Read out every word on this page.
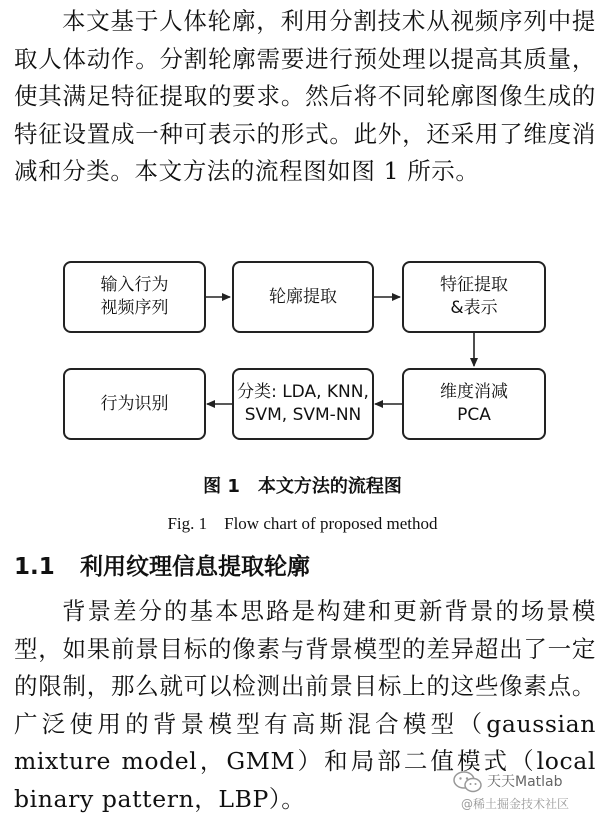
本文基于人体轮廓，利用分割技术从视频序列中提取人体动作。分割轮廓需要进行预处理以提高其质量，使其满足特征提取的要求。然后将不同轮廓图像生成的特征设置成一种可表示的形式。此外，还采用了维度消减和分类。本文方法的流程图如图 1 所示。
输入行为
视频序列
轮廓提取
特征提取
&表示
维度消减
PCA
分类: LDA, KNN,
SVM, SVM-NN
行为识别
图 1　本文方法的流程图
Fig. 1　Flow chart of proposed method
1.1 利用纹理信息提取轮廓
背景差分的基本思路是构建和更新背景的场景模型，如果前景目标的像素与背景模型的差异超出了一定的限制，那么就可以检测出前景目标上的这些像素点。广泛使用的背景模型有高斯混合模型（gaussian mixture model，GMM）和局部二值模式（local binary pattern，LBP）。
天天Matlab
@稀土掘金技术社区
